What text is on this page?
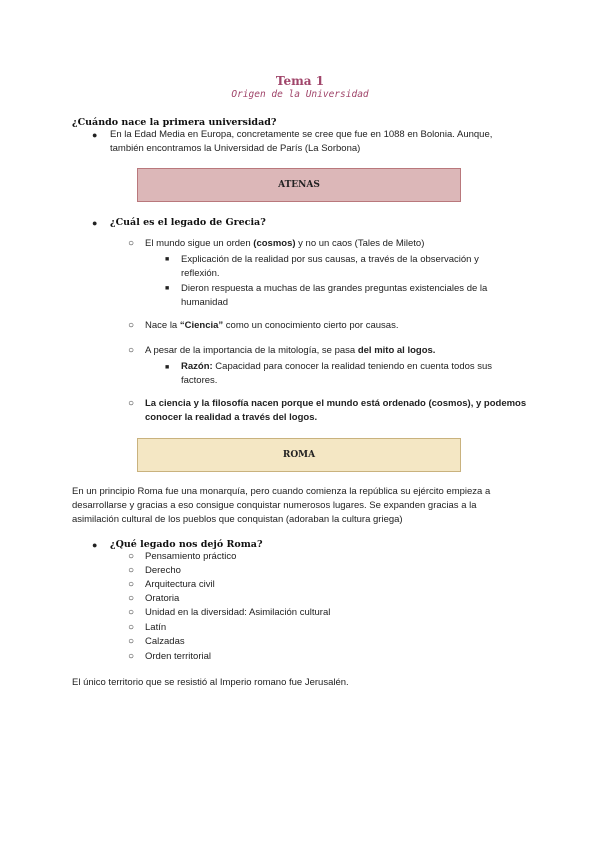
Tema 1
Origen de la Universidad
¿Cuándo nace la primera universidad?
● En la Edad Media en Europa, concretamente se cree que fue en 1088 en Bolonia. Aunque,
también encontramos la Universidad de París (La Sorbona)
ATENAS
● ¿Cuál es el legado de Grecia?
○ El mundo sigue un orden (cosmos) y no un caos (Tales de Mileto)
■ Explicación de la realidad por sus causas, a través de la observación y
reflexión.
■ Dieron respuesta a muchas de las grandes preguntas existenciales de la
humanidad
○ Nace la “Ciencia” como un conocimiento cierto por causas.
○ A pesar de la importancia de la mitología, se pasa del mito al logos.
■ Razón: Capacidad para conocer la realidad teniendo en cuenta todos sus
factores.
○ La ciencia y la filosofía nacen porque el mundo está ordenado (cosmos), y podemos
conocer la realidad a través del logos.
ROMA
En un principio Roma fue una monarquía, pero cuando comienza la república su ejército empieza a
desarrollarse y gracias a eso consigue conquistar numerosos lugares. Se expanden gracias a la
asimilación cultural de los pueblos que conquistan (adoraban la cultura griega)
● ¿Qué legado nos dejó Roma?
○ Pensamiento práctico
○ Derecho
○ Arquitectura civil
○ Oratoria
○ Unidad en la diversidad: Asimilación cultural
○ Latín
○ Calzadas
○ Orden territorial
El único territorio que se resistió al Imperio romano fue Jerusalén.
